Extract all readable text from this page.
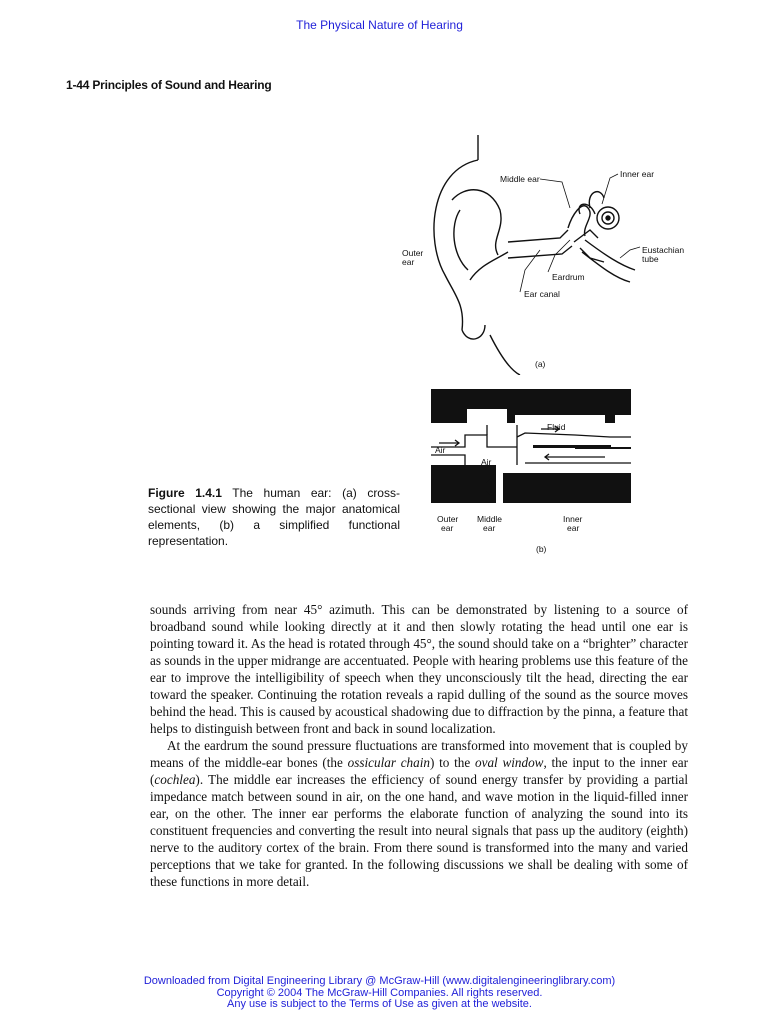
The Physical Nature of Hearing
1-44 Principles of Sound and Hearing
Middle ear	Inner ear
Outer
ear
Eustachian
tube
Eardrum
Ear canal
(a)
Fluid
Air
Air
Outer
ear
Middle
ear
Inner
ear
(b)
Figure 1.4.1 The human ear: (a) cross-sectional view showing the major anatomical elements, (b) a simplified functional representation.

sounds arriving from near 45° azimuth. This can be demonstrated by listening to a source of broadband sound while looking directly at it and then slowly rotating the head until one ear is pointing toward it. As the head is rotated through 45°, the sound should take on a “brighter” character as sounds in the upper midrange are accentuated. People with hearing problems use this feature of the ear to improve the intelligibility of speech when they unconsciously tilt the head, directing the ear toward the speaker. Continuing the rotation reveals a rapid dulling of the sound as the source moves behind the head. This is caused by acoustical shadowing due to diffraction by the pinna, a feature that helps to distinguish between front and back in sound localization.

At the eardrum the sound pressure fluctuations are transformed into movement that is coupled by means of the middle-ear bones (the ossicular chain) to the oval window, the input to the inner ear (cochlea). The middle ear increases the efficiency of sound energy transfer by providing a partial impedance match between sound in air, on the one hand, and wave motion in the liquid-filled inner ear, on the other. The inner ear performs the elaborate function of analyzing the sound into its constituent frequencies and converting the result into neural signals that pass up the auditory (eighth) nerve to the auditory cortex of the brain. From there sound is transformed into the many and varied perceptions that we take for granted. In the following discussions we shall be dealing with some of these functions in more detail.

Downloaded from Digital Engineering Library @ McGraw-Hill (www.digitalengineeringlibrary.com)
Copyright © 2004 The McGraw-Hill Companies. All rights reserved.
Any use is subject to the Terms of Use as given at the website.
